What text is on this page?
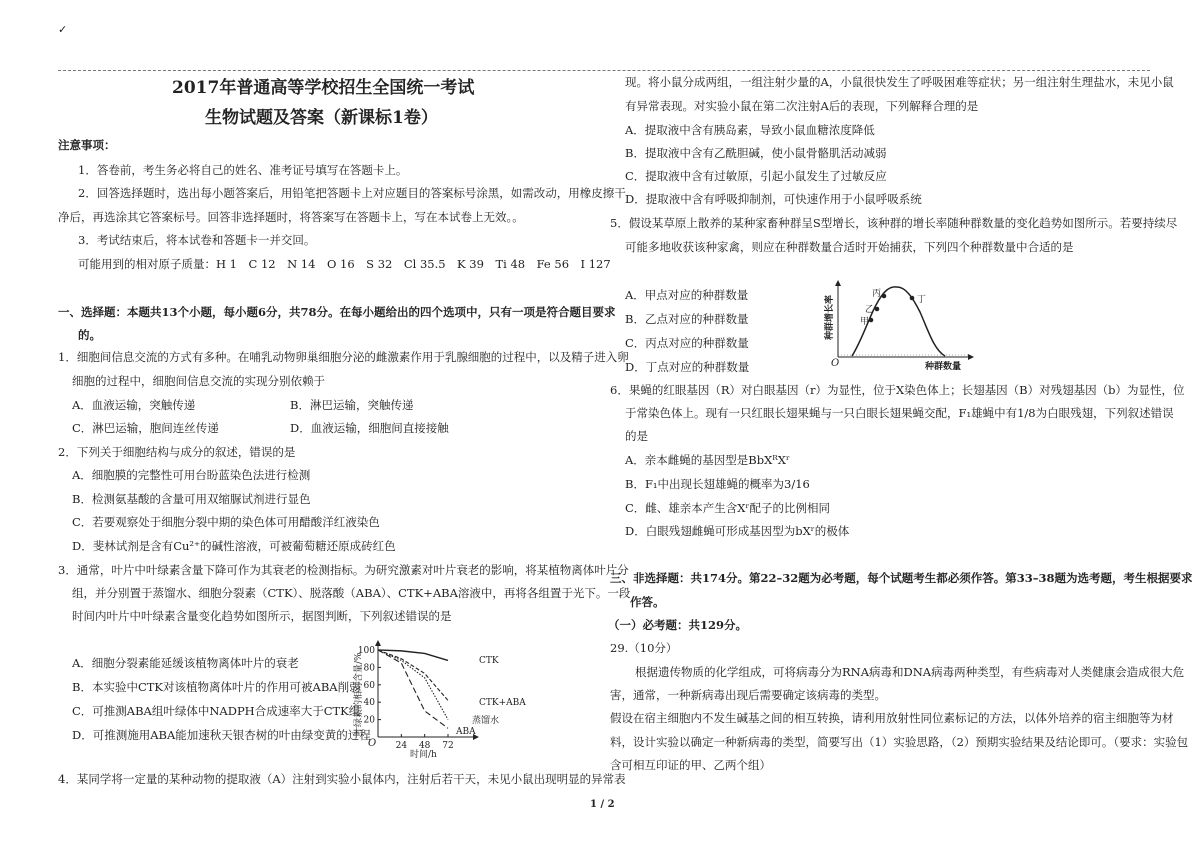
✓
2017年普通高等学校招生全国统一考试
生物试题及答案（新课标1卷）
注意事项：
1．答卷前，考生务必将自己的姓名、准考证号填写在答题卡上。
2．回答选择题时，选出每小题答案后，用铅笔把答题卡上对应题目的答案标号涂黑，如需改动，用橡皮擦干
净后，再选涂其它答案标号。回答非选择题时，将答案写在答题卡上，写在本试卷上无效。。
3．考试结束后，将本试卷和答题卡一并交回。
可能用到的相对原子质量：H 1　C 12　N 14　O 16　S 32　Cl 35.5　K 39　Ti 48　Fe 56　I 127
一、选择题：本题共13个小题，每小题6分，共78分。在每小题给出的四个选项中，只有一项是符合题目要求
的。
1．细胞间信息交流的方式有多种。在哺乳动物卵巢细胞分泌的雌激素作用于乳腺细胞的过程中，以及精子进入卵
细胞的过程中，细胞间信息交流的实现分别依赖于
A．血液运输，突触传递	B．淋巴运输，突触传递
C．淋巴运输，胞间连丝传递	D．血液运输，细胞间直接接触
2．下列关于细胞结构与成分的叙述，错误的是
A．细胞膜的完整性可用台盼蓝染色法进行检测
B．检测氨基酸的含量可用双缩脲试剂进行显色
C．若要观察处于细胞分裂中期的染色体可用醋酸洋红液染色
D．斐林试剂是含有Cu²⁺的碱性溶液，可被葡萄糖还原成砖红色
3．通常，叶片中叶绿素含量下降可作为其衰老的检测指标。为研究激素对叶片衰老的影响，将某植物离体叶片分
组，并分别置于蒸馏水、细胞分裂素（CTK）、脱落酸（ABA）、CTK+ABA溶液中，再将各组置于光下。一段
时间内叶片中叶绿素含量变化趋势如图所示，据图判断，下列叙述错误的是
A．细胞分裂素能延缓该植物离体叶片的衰老
B．本实验中CTK对该植物离体叶片的作用可被ABA削弱
C．可推测ABA组叶绿体中NADPH合成速率大于CTK组
D．可推测施用ABA能加速秋天银杏树的叶由绿变黄的过程
4．某同学将一定量的某种动物的提取液（A）注射到实验小鼠体内，注射后若干天，未见小鼠出现明显的异常表
1 / 2
现。将小鼠分成两组，一组注射少量的A，小鼠很快发生了呼吸困难等症状；另一组注射生理盐水，未见小鼠
有异常表现。对实验小鼠在第二次注射A后的表现，下列解释合理的是
A．提取液中含有胰岛素，导致小鼠血糖浓度降低
B．提取液中含有乙酰胆碱，使小鼠骨骼肌活动减弱
C．提取液中含有过敏原，引起小鼠发生了过敏反应
D．提取液中含有呼吸抑制剂，可快速作用于小鼠呼吸系统
5．假设某草原上散养的某种家畜种群呈S型增长，该种群的增长率随种群数量的变化趋势如图所示。若要持续尽
可能多地收获该种家禽，则应在种群数量合适时开始捕获，下列四个种群数量中合适的是
A．甲点对应的种群数量
B．乙点对应的种群数量
C．丙点对应的种群数量
D．丁点对应的种群数量
6．果蝇的红眼基因（R）对白眼基因（r）为显性，位于X染色体上；长翅基因（B）对残翅基因（b）为显性，位
于常染色体上。现有一只红眼长翅果蝇与一只白眼长翅果蝇交配，F₁雄蝇中有1/8为白眼残翅，下列叙述错误
的是
A．亲本雌蝇的基因型是BbXᴿXʳ
B．F₁中出现长翅雄蝇的概率为3/16
C．雌、雄亲本产生含Xʳ配子的比例相同
D．白眼残翅雌蝇可形成基因型为bXʳ的极体
三、非选择题：共174分。第22–32题为必考题，每个试题考生都必须作答。第33–38题为选考题，考生根据要求
作答。
（一）必考题：共129分。
29.（10分）
根据遗传物质的化学组成，可将病毒分为RNA病毒和DNA病毒两种类型，有些病毒对人类健康会造成很大危
害，通常，一种新病毒出现后需要确定该病毒的类型。
假设在宿主细胞内不发生碱基之间的相互转换，请利用放射性同位素标记的方法，以体外培养的宿主细胞等为材
料，设计实验以确定一种新病毒的类型，简要写出（1）实验思路，（2）预期实验结果及结论即可。（要求：实验包
含可相互印证的甲、乙两个组）
100
80
60
40
20
24 48 72
O
时间/h
叶绿素的相对含量/%	CTK
CTK+ABA
蒸馏水
ABA
甲
乙
丙
丁
O	种群数量
种群增长率
